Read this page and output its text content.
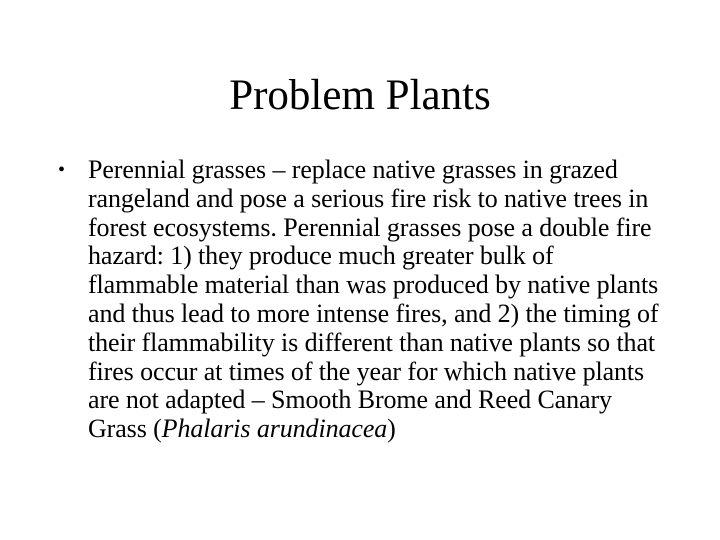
Problem Plants
• Perennial grasses – replace native grasses in grazed rangeland and pose a serious fire risk to native trees in forest ecosystems. Perennial grasses pose a double fire hazard: 1) they produce much greater bulk of flammable material than was produced by native plants and thus lead to more intense fires, and 2) the timing of their flammability is different than native plants so that fires occur at times of the year for which native plants are not adapted – Smooth Brome and Reed Canary Grass (Phalaris arundinacea)
